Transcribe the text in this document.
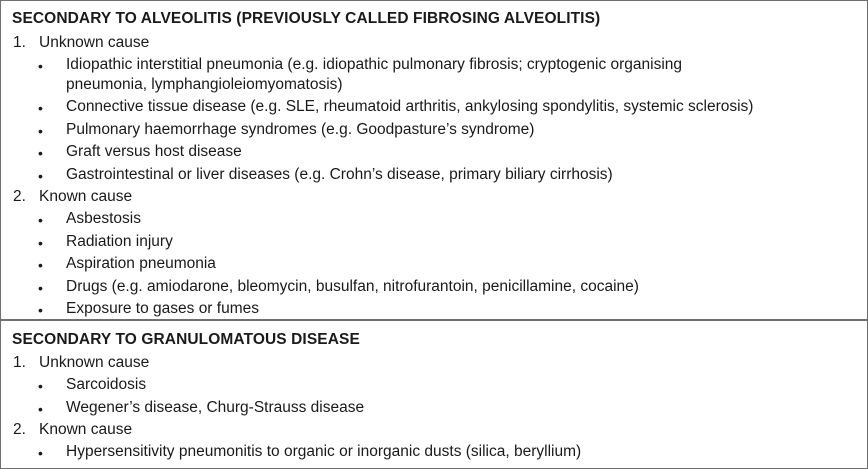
SECONDARY TO ALVEOLITIS (PREVIOUSLY CALLED FIBROSING ALVEOLITIS)
1. Unknown cause
• Idiopathic interstitial pneumonia (e.g. idiopathic pulmonary fibrosis; cryptogenic organising
pneumonia, lymphangioleiomyomatosis)
• Connective tissue disease (e.g. SLE, rheumatoid arthritis, ankylosing spondylitis, systemic sclerosis)
• Pulmonary haemorrhage syndromes (e.g. Goodpasture’s syndrome)
• Graft versus host disease
• Gastrointestinal or liver diseases (e.g. Crohn’s disease, primary biliary cirrhosis)
2. Known cause
• Asbestosis
• Radiation injury
• Aspiration pneumonia
• Drugs (e.g. amiodarone, bleomycin, busulfan, nitrofurantoin, penicillamine, cocaine)
• Exposure to gases or fumes
SECONDARY TO GRANULOMATOUS DISEASE
1. Unknown cause
• Sarcoidosis
• Wegener’s disease, Churg-Strauss disease
2. Known cause
• Hypersensitivity pneumonitis to organic or inorganic dusts (silica, beryllium)
